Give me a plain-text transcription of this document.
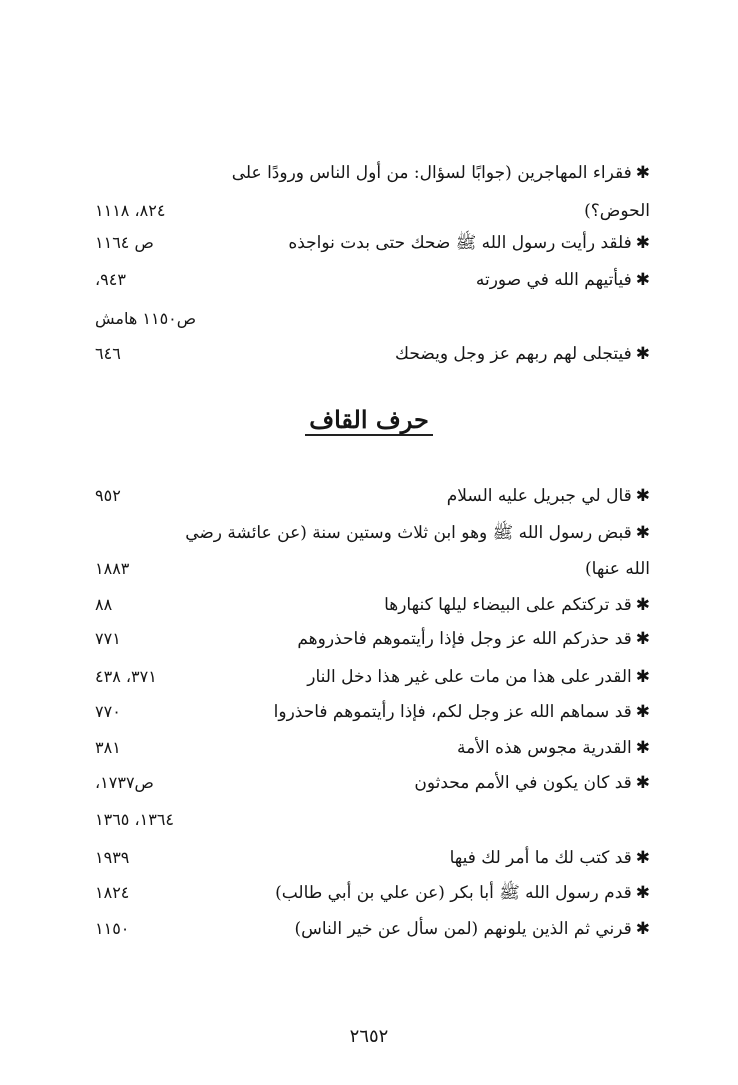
✱فقراء المهاجرين (جوابًا لسؤال: من أول الناس ورودًا على
الحوض؟)
٨٢٤، ١١١٨
✱فلقد رأيت رسول الله ﷺ ضحك حتى بدت نواجذه
ص ١١٦٤
✱فيأتيهم الله في صورته
٩٤٣،
ص١١٥٠ هامش
✱فيتجلى لهم ربهم عز وجل ويضحك
٦٤٦
حرف القاف
✱قال لي جبريل عليه السلام
٩٥٢
✱قبض رسول الله ﷺ وهو ابن ثلاث وستين سنة (عن عائشة رضي
الله عنها)
١٨٨٣
✱قد تركتكم على البيضاء ليلها كنهارها
٨٨
✱قد حذركم الله عز وجل فإذا رأيتموهم فاحذروهم
٧٧١
✱القدر على هذا من مات على غير هذا دخل النار
٣٧١، ٤٣٨
✱قد سماهم الله عز وجل لكم، فإذا رأيتموهم فاحذروا
٧٧٠
✱القدرية مجوس هذه الأمة
٣٨١
✱قد كان يكون في الأمم محدثون
ص١٧٣٧،
١٣٦٤، ١٣٦٥
✱قد كتب لك ما أمر لك فيها
١٩٣٩
✱قدم رسول الله ﷺ أبا بكر (عن علي بن أبي طالب)
١٨٢٤
✱قرني ثم الذين يلونهم (لمن سأل عن خير الناس)
١١٥٠
٢٦٥٢
